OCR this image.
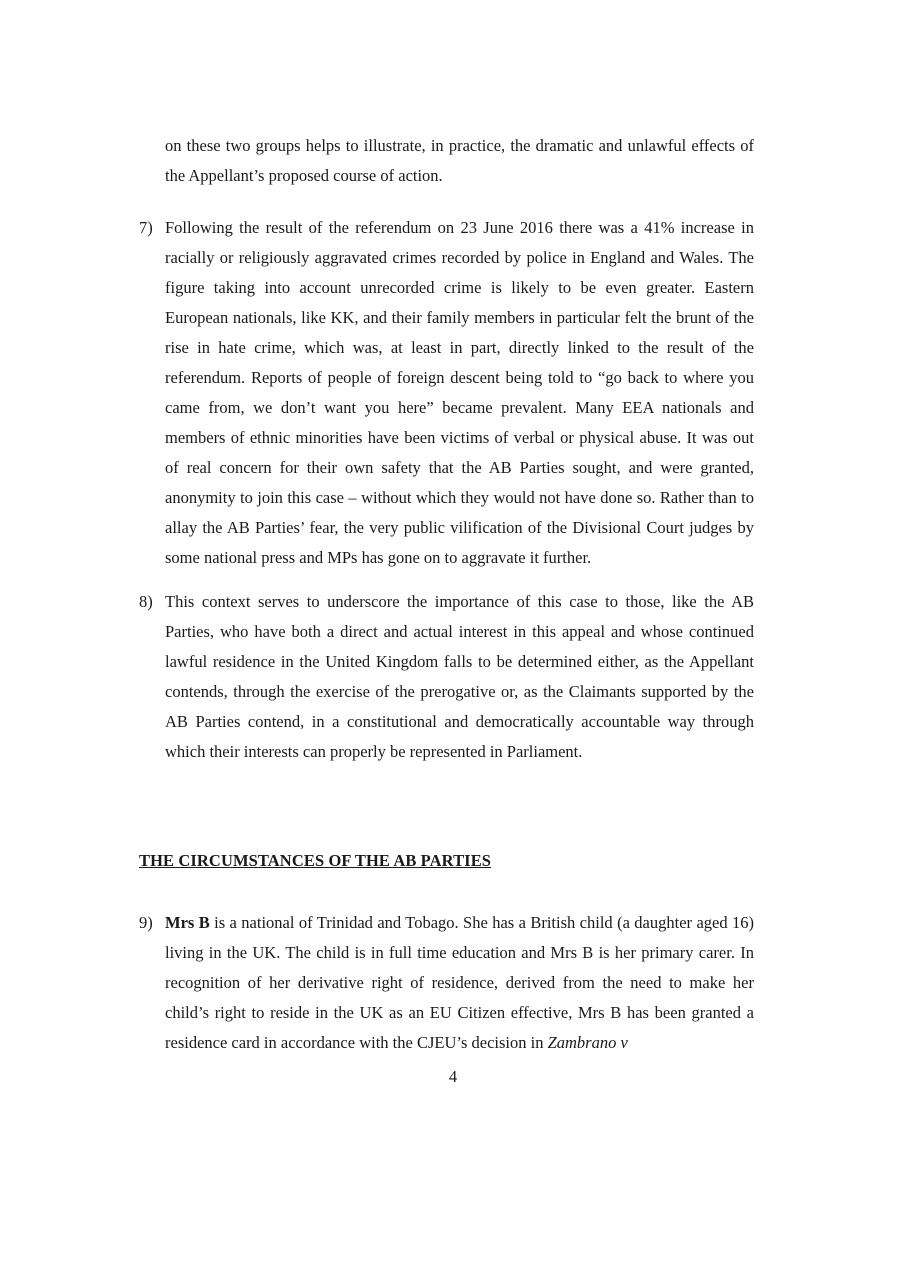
on these two groups helps to illustrate, in practice, the dramatic and unlawful effects of the Appellant’s proposed course of action.
7) Following the result of the referendum on 23 June 2016 there was a 41% increase in racially or religiously aggravated crimes recorded by police in England and Wales. The figure taking into account unrecorded crime is likely to be even greater. Eastern European nationals, like KK, and their family members in particular felt the brunt of the rise in hate crime, which was, at least in part, directly linked to the result of the referendum. Reports of people of foreign descent being told to “go back to where you came from, we don’t want you here” became prevalent. Many EEA nationals and members of ethnic minorities have been victims of verbal or physical abuse. It was out of real concern for their own safety that the AB Parties sought, and were granted, anonymity to join this case – without which they would not have done so. Rather than to allay the AB Parties’ fear, the very public vilification of the Divisional Court judges by some national press and MPs has gone on to aggravate it further.
8) This context serves to underscore the importance of this case to those, like the AB Parties, who have both a direct and actual interest in this appeal and whose continued lawful residence in the United Kingdom falls to be determined either, as the Appellant contends, through the exercise of the prerogative or, as the Claimants supported by the AB Parties contend, in a constitutional and democratically accountable way through which their interests can properly be represented in Parliament.
THE CIRCUMSTANCES OF THE AB PARTIES
9) Mrs B is a national of Trinidad and Tobago. She has a British child (a daughter aged 16) living in the UK. The child is in full time education and Mrs B is her primary carer. In recognition of her derivative right of residence, derived from the need to make her child’s right to reside in the UK as an EU Citizen effective, Mrs B has been granted a residence card in accordance with the CJEU’s decision in Zambrano v
4
